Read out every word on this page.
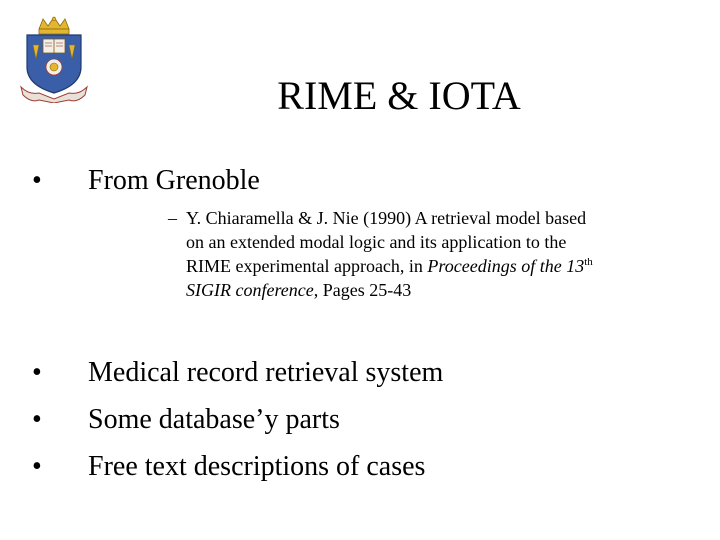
RIME & IOTA
• From Grenoble
– Y. Chiaramella & J. Nie (1990) A retrieval model based
on an extended modal logic and its application to the
RIME experimental approach, in Proceedings of the 13th
SIGIR conference, Pages 25-43
• Medical record retrieval system
• Some database’y parts
• Free text descriptions of cases
